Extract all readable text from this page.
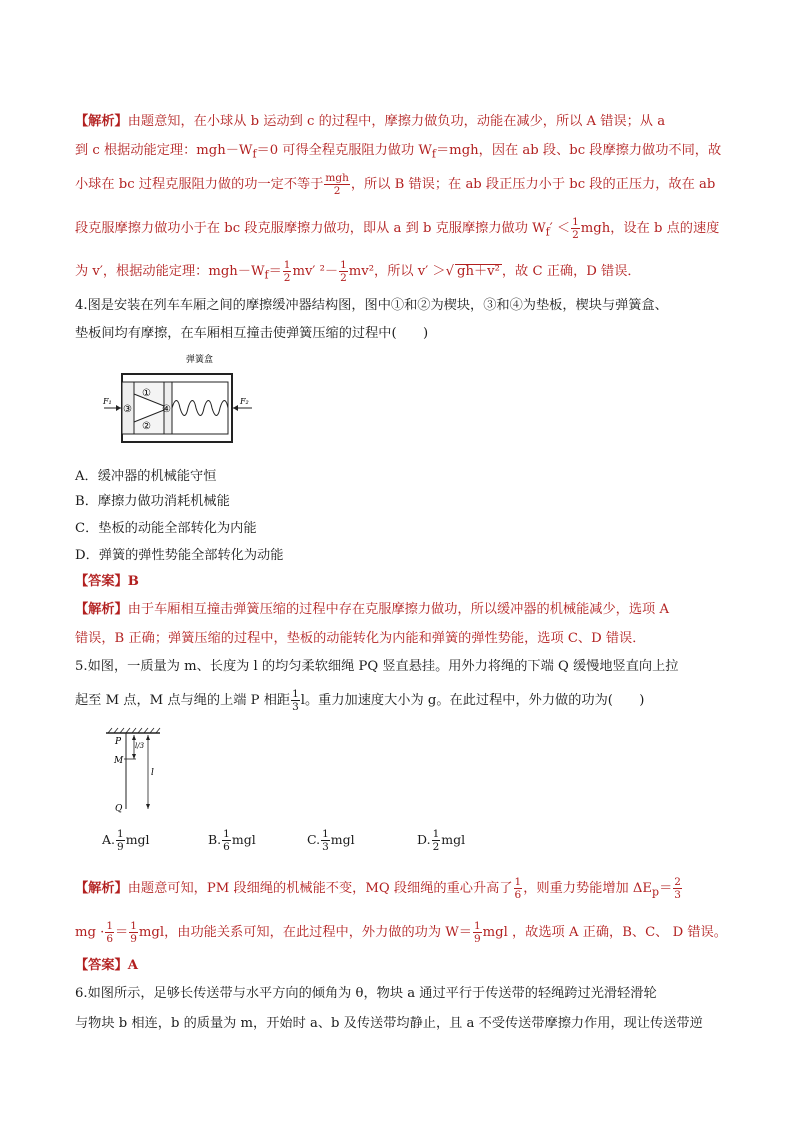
【解析】由题意知，在小球从 b 运动到 c 的过程中，摩擦力做负功，动能在减少，所以 A 错误；从 a
到 c 根据动能定理：$mgh-W_f=0$ 可得全程克服阻力做功 $W_f=mgh$，因在 ab 段、bc 段摩擦力做功不同，故
小球在 bc 过程克服阻力做的功一定不等于 $\frac{\text{mgh}}{2}$ ，所以 B 错误；在 ab 段正压力小于 bc 段的正压力，故在 ab
段克服摩擦力做功小于在 bc 段克服摩擦力做功，即从 a 到 b 克服摩擦力做功 $W_f' < \frac{1}{2}$ mgh，设在 b 点的速度
为 v′，根据动能定理：$mgh-W_f= \frac{1}{2} mv'$ $^2- \frac{1}{2} mv^2$，所以 v′ ＞√ gh＋v² ，故 C 正确，D 错误．
4.图是安装在列车车厢之间的摩擦缓冲器结构图，图中①和②为楔块，③和④为垫板，楔块与弹簧盒、
垫板间均有摩擦，在车厢相互撞击使弹簧压缩的过程中(　　)
弹簧盒
F₁	F₂
①
②
③	④
A．缓冲器的机械能守恒
B．摩擦力做功消耗机械能
C．垫板的动能全部转化为内能
D．弹簧的弹性势能全部转化为动能
【答案】B
【解析】由于车厢相互撞击弹簧压缩的过程中存在克服摩擦力做功，所以缓冲器的机械能减少，选项 A
错误，B 正确；弹簧压缩的过程中，垫板的动能转化为内能和弹簧的弹性势能，选项 C、D 错误．
5.如图，一质量为 m、长度为 l 的均匀柔软细绳 PQ 竖直悬挂。用外力将绳的下端 Q 缓慢地竖直向上拉
起至 M 点，M 点与绳的上端 P 相距 $\frac{1}{3}$ l。重力加速度大小为 g。在此过程中，外力做的功为(　　)
P
M
Q
l/3
l
A. $\frac{1}{9}$ mgl	B. $\frac{1}{6}$ mgl	C. $\frac{1}{3}$ mgl	D. $\frac{1}{2}$ mgl
【解析】由题意可知，PM 段细绳的机械能不变，MQ 段细绳的重心升高了 $\frac{1}{6}$ ，则重力势能增加 $\Delta E_p= \frac{2}{3}$
mg · $\frac{1}{6} = \frac{1}{9}$ mgl，由功能关系可知，在此过程中，外力做的功为 $W= \frac{1}{9}$ mgl ，故选项 A 正确，B、C、 D 错误。
【答案】A
6.如图所示，足够长传送带与水平方向的倾角为 θ，物块 a 通过平行于传送带的轻绳跨过光滑轻滑轮
与物块 b 相连，b 的质量为 m，开始时 a、b 及传送带均静止，且 a 不受传送带摩擦力作用，现让传送带逆
